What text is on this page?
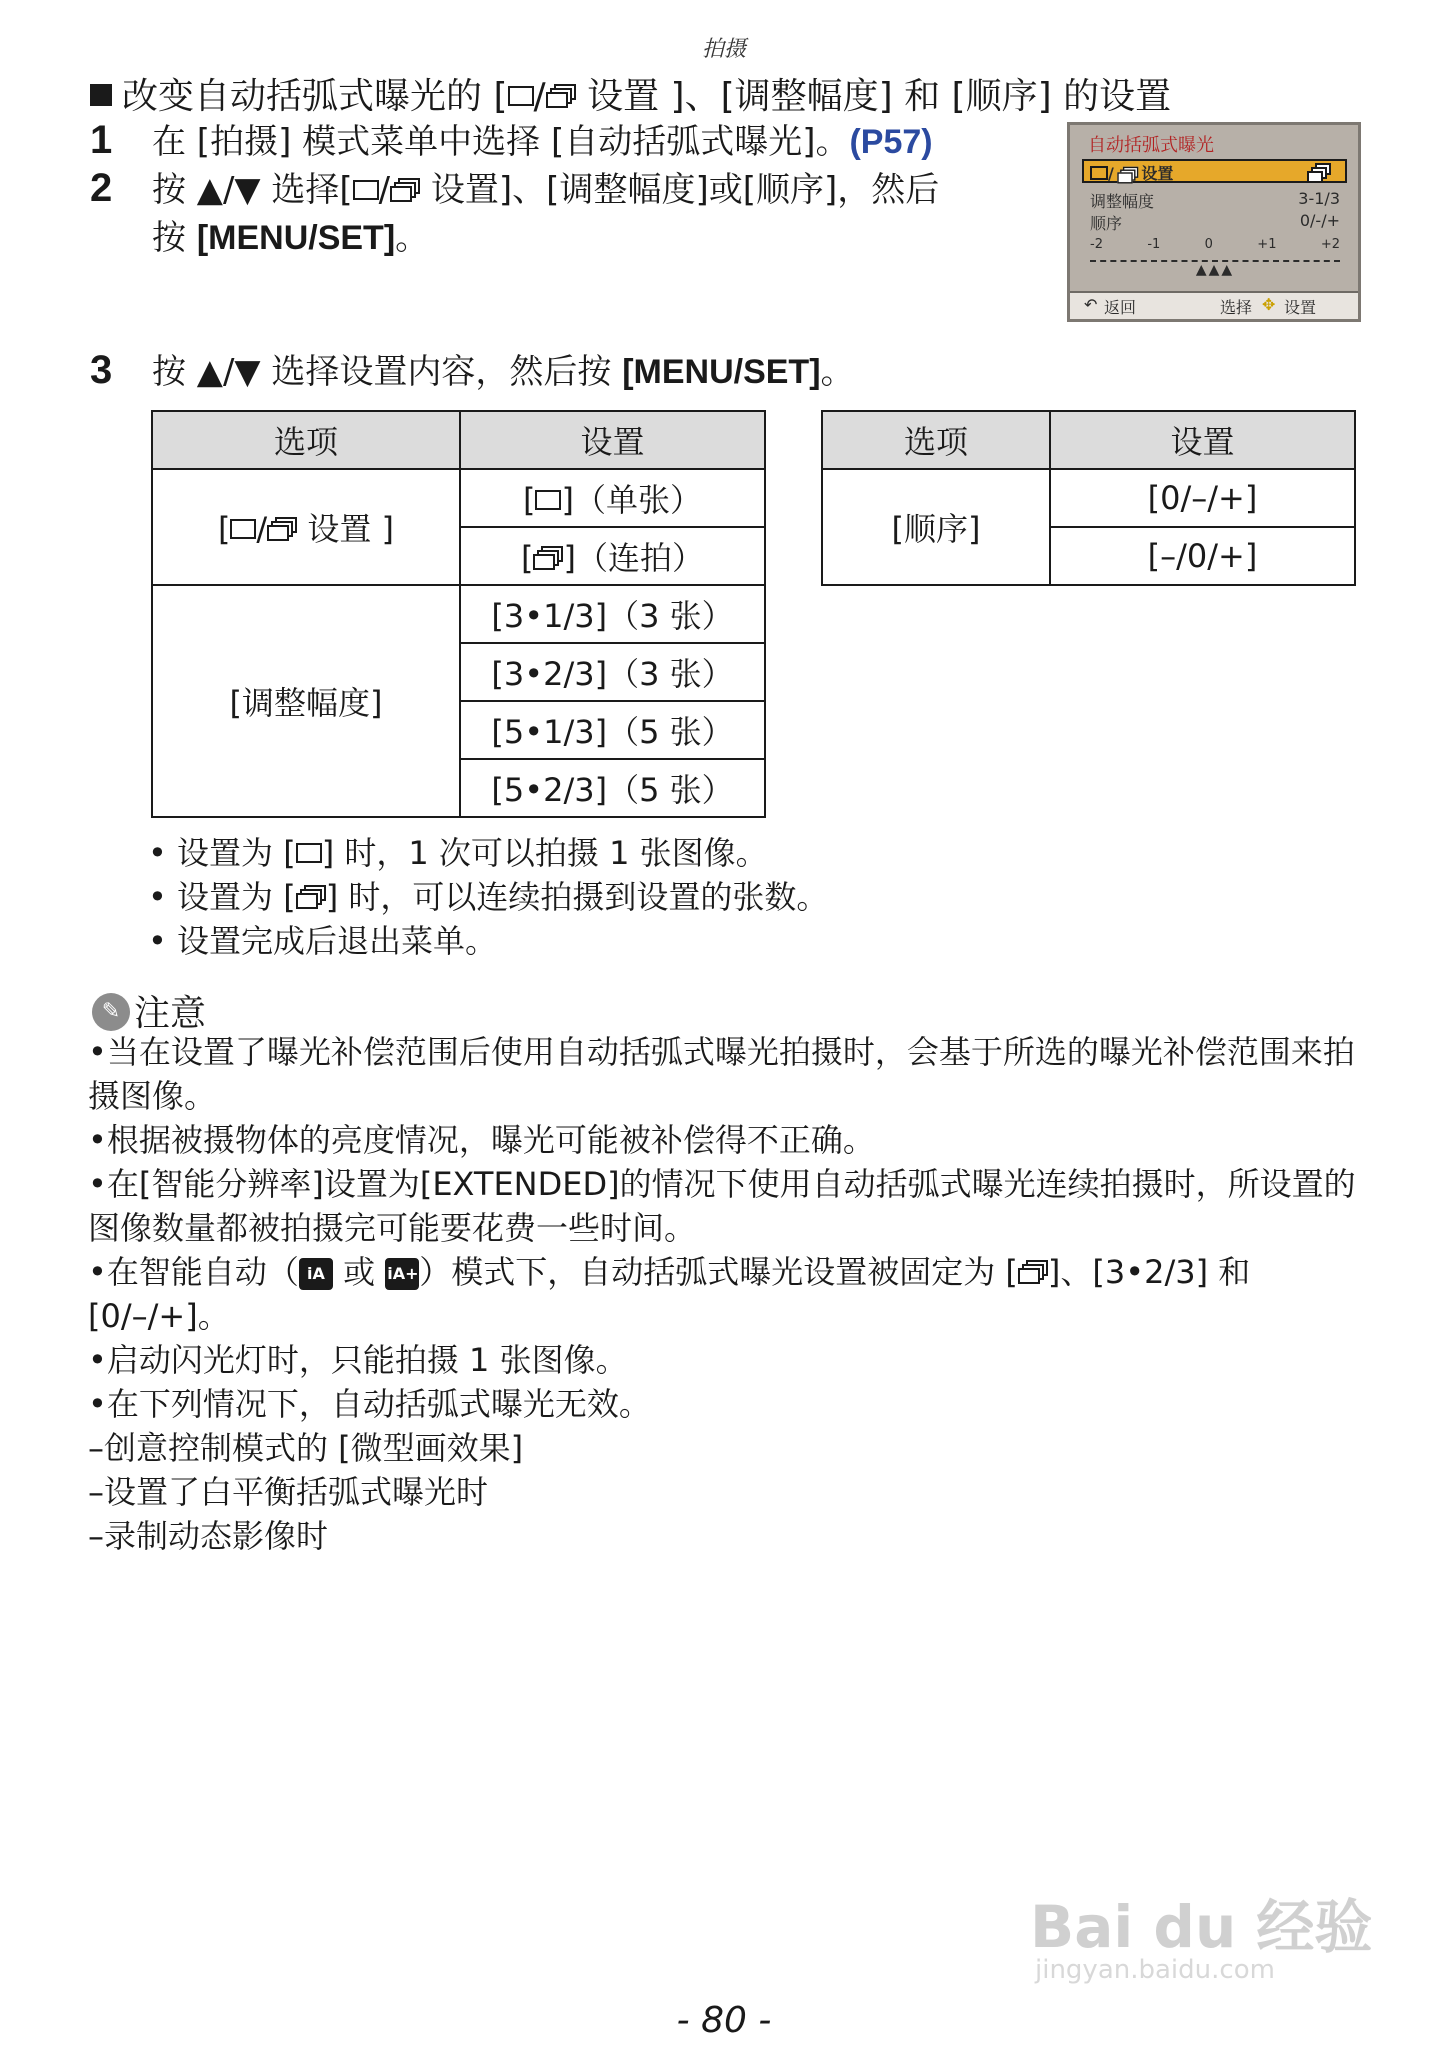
拍摄
改变自动括弧式曝光的 [ /
设置 ]、[调整幅度] 和 [顺序] 的设置
1 在 [拍摄] 模式菜单中选择 [自动括弧式曝光]。(P57)
2 按 ▲/▼ 选择[ /
设置]、[调整幅度]或[顺序]，然后
按 [MENU/SET]。
自动括弧式曝光
/ 设置
调整幅度	3-1/3
顺序	0/-/+
-2	-1	0	+1	+2
▲▲▲
↶ 返回	选择 ✥ 设置
3 按 ▲/▼ 选择设置内容，然后按 [MENU/SET]。
选项	设置
[ /
设置 ]	[ ]（单张）
	[ ]（连拍）
[调整幅度]	[3•1/3]（3 张）
	[3•2/3]（3 张）
	[5•1/3]（5 张）
	[5•2/3]（5 张）
选项	设置
[顺序]	[0/–/+]
	[–/0/+]
• 设置为 [ ] 时，1 次可以拍摄 1 张图像。
• 设置为 [ ] 时，可以连续拍摄到设置的张数。
• 设置完成后退出菜单。
✎ 注意
•当在设置了曝光补偿范围后使用自动括弧式曝光拍摄时，会基于所选的曝光补偿范围来拍摄图像。
•根据被摄物体的亮度情况，曝光可能被补偿得不正确。
•在[智能分辨率]设置为[EXTENDED]的情况下使用自动括弧式曝光连续拍摄时，所设置的图像数量都被拍摄完可能要花费一些时间。
•在智能自动（ iA 或 iA+）模式下，自动括弧式曝光设置被固定为 [ ]、[3•2/3] 和 [0/–/+]。
•启动闪光灯时，只能拍摄 1 张图像。
•在下列情况下，自动括弧式曝光无效。
–创意控制模式的 [微型画效果]
–设置了白平衡括弧式曝光时
–录制动态影像时
Bai du 经验
jingyan.baidu.com
- 80 -
